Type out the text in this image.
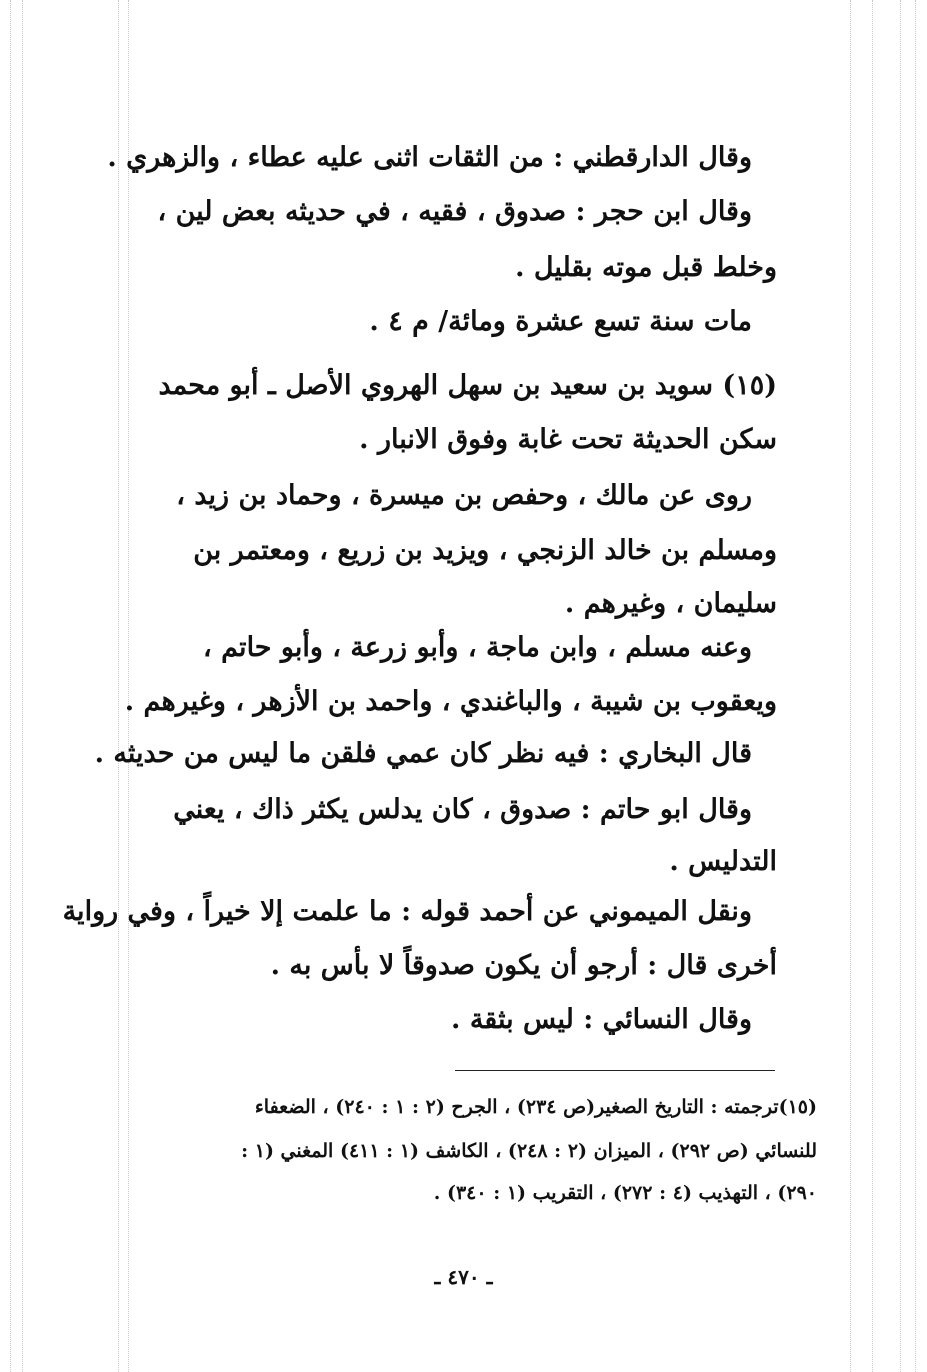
وقال الدارقطني : من الثقات اثنى عليه عطاء ، والزهري .
وقال ابن حجر : صدوق ، فقيه ، في حديثه بعض لين ،
وخلط قبل موته بقليل .
مات سنة تسع عشرة ومائة/ م ٤ .
(١٥) سويد بن سعيد بن سهل الهروي الأصل ـ أبو محمد
سكن الحديثة تحت غابة وفوق الانبار .
روى عن مالك ، وحفص بن ميسرة ، وحماد بن زيد ،
ومسلم بن خالد الزنجي ، ويزيد بن زريع ، ومعتمر بن
سليمان ، وغيرهم .
وعنه مسلم ، وابن ماجة ، وأبو زرعة ، وأبو حاتم ،
ويعقوب بن شيبة ، والباغندي ، واحمد بن الأزهر ، وغيرهم .
قال البخاري : فيه نظر كان عمي فلقن ما ليس من حديثه .
وقال ابو حاتم : صدوق ، كان يدلس يكثر ذاك ، يعني
التدليس .
ونقل الميموني عن أحمد قوله : ما علمت إلا خيراً ، وفي رواية
أخرى قال : أرجو أن يكون صدوقاً لا بأس به .
وقال النسائي : ليس بثقة .
(١٥)ترجمته : التاريخ الصغير(ص ٢٣٤) ، الجرح (٢ : ١ : ٢٤٠) ، الضعفاء
للنسائي (ص ٢٩٢) ، الميزان (٢ : ٢٤٨) ، الكاشف (١ : ٤١١) المغني (١ :
٢٩٠) ، التهذيب (٤ : ٢٧٢) ، التقريب (١ : ٣٤٠) .
ـ ٤٧٠ ـ
